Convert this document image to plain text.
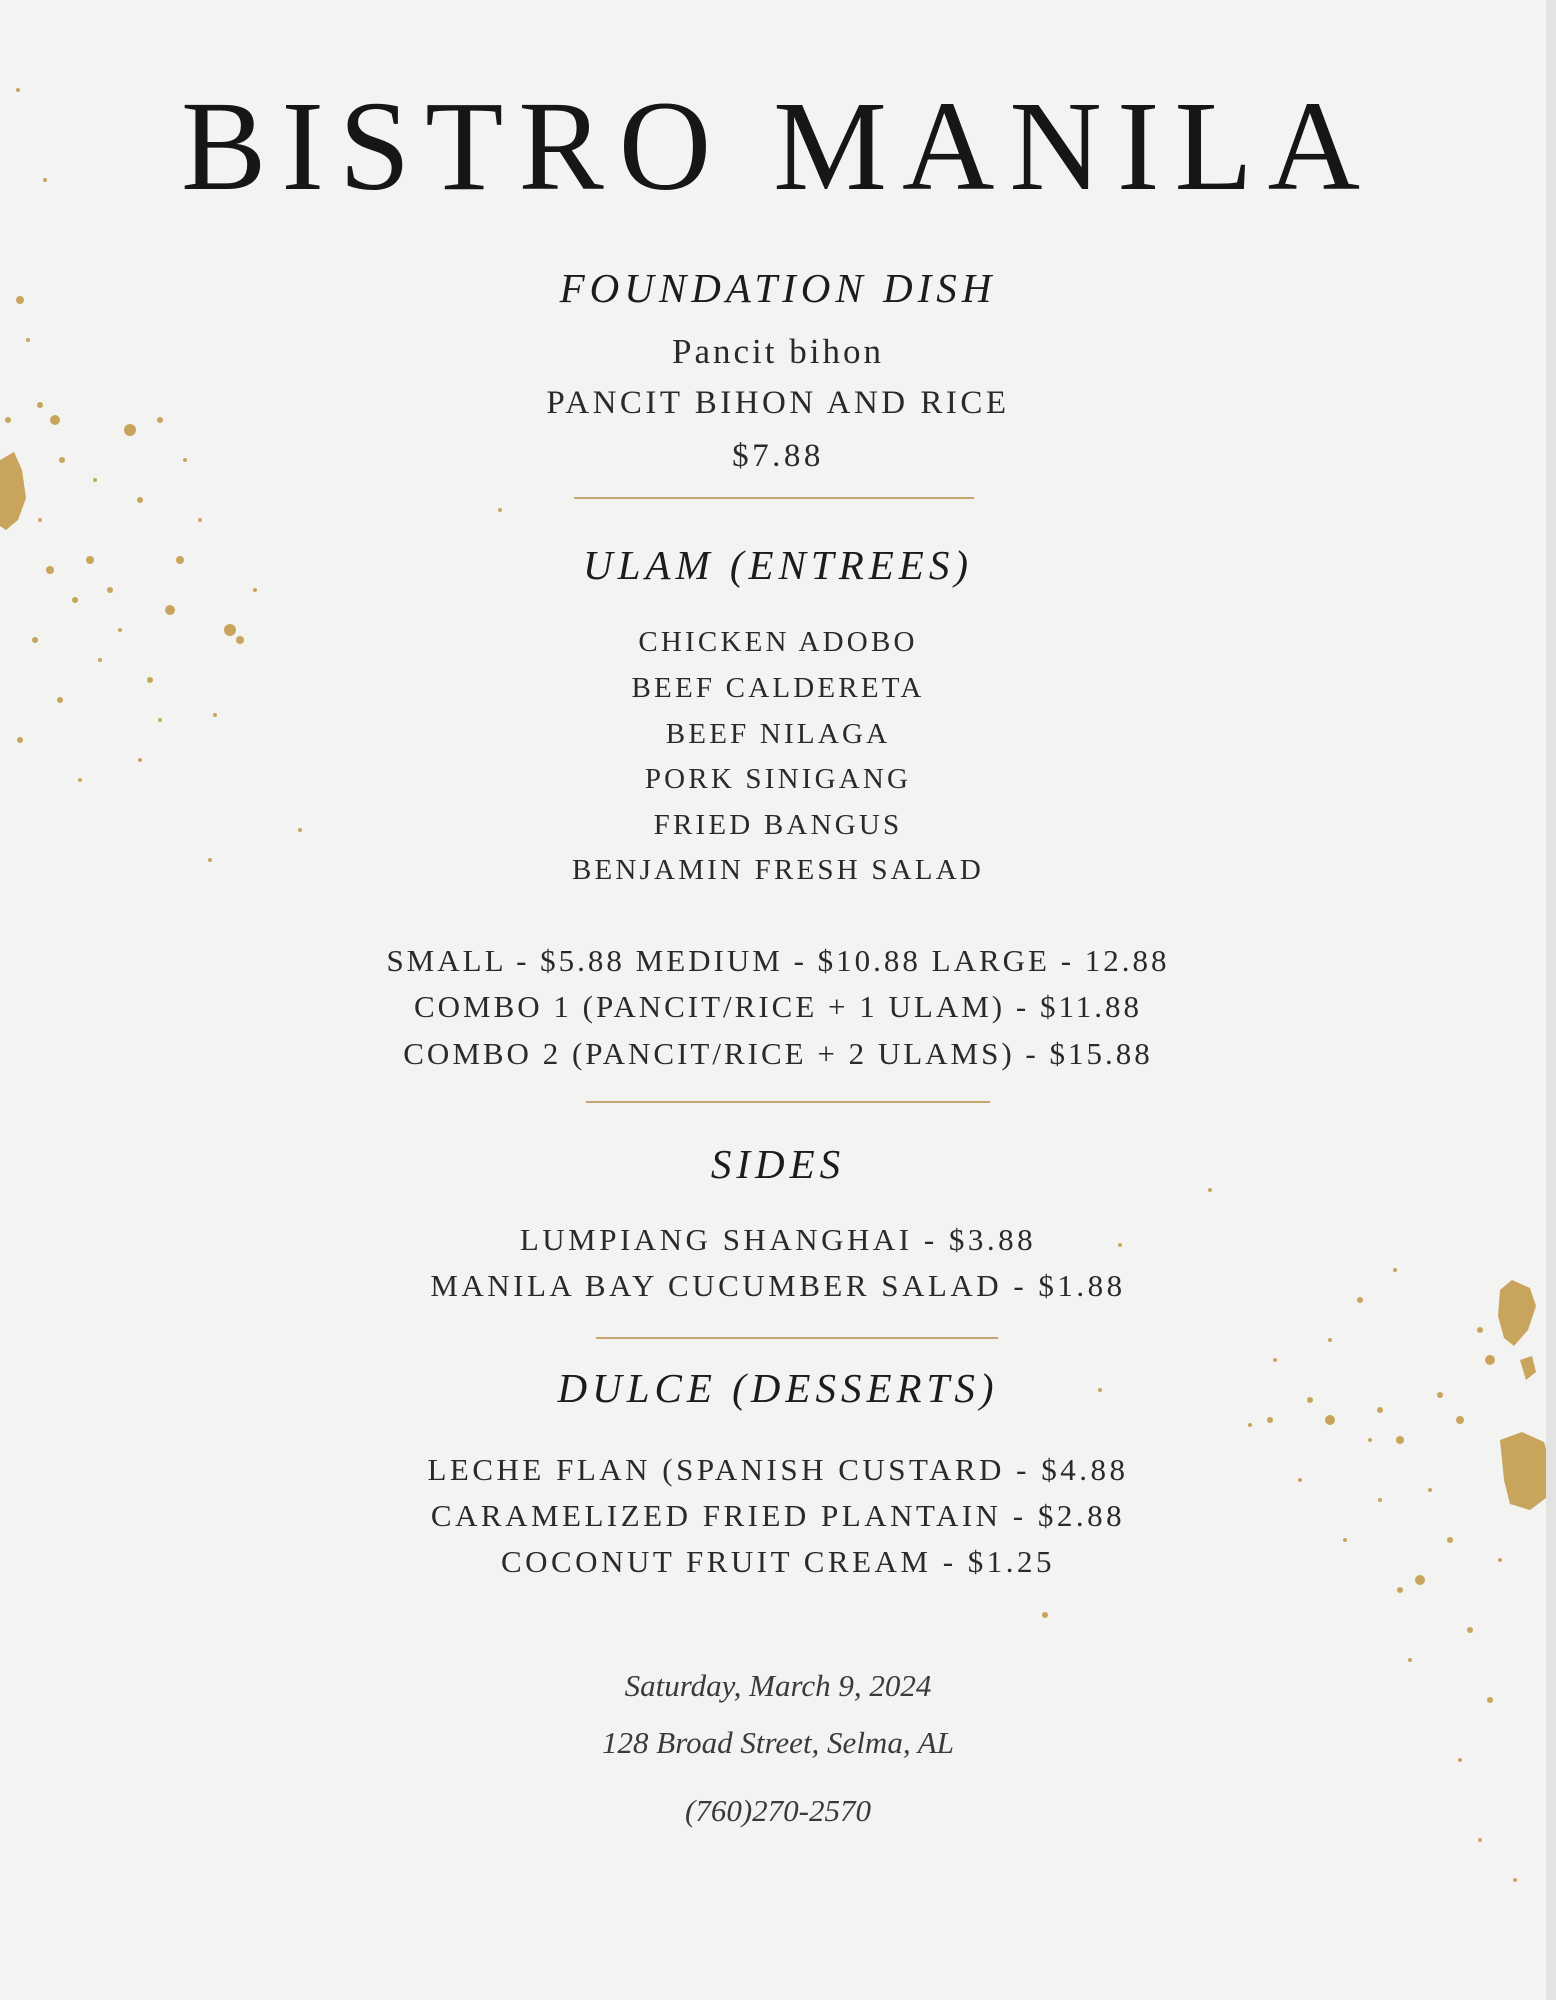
BISTRO MANILA
FOUNDATION DISH
Pancit bihon
PANCIT BIHON AND RICE
$7.88
ULAM (ENTREES)
CHICKEN ADOBO
BEEF CALDERETA
BEEF NILAGA
PORK SINIGANG
FRIED BANGUS
BENJAMIN FRESH SALAD
SMALL - $5.88 MEDIUM - $10.88 LARGE - 12.88
COMBO 1 (PANCIT/RICE + 1 ULAM) - $11.88
COMBO 2 (PANCIT/RICE + 2 ULAMS) - $15.88
SIDES
LUMPIANG SHANGHAI - $3.88
MANILA BAY CUCUMBER SALAD - $1.88
DULCE (DESSERTS)
LECHE FLAN (SPANISH CUSTARD - $4.88
CARAMELIZED FRIED PLANTAIN - $2.88
COCONUT FRUIT CREAM - $1.25
Saturday, March 9, 2024
128 Broad Street, Selma, AL
(760)270-2570
